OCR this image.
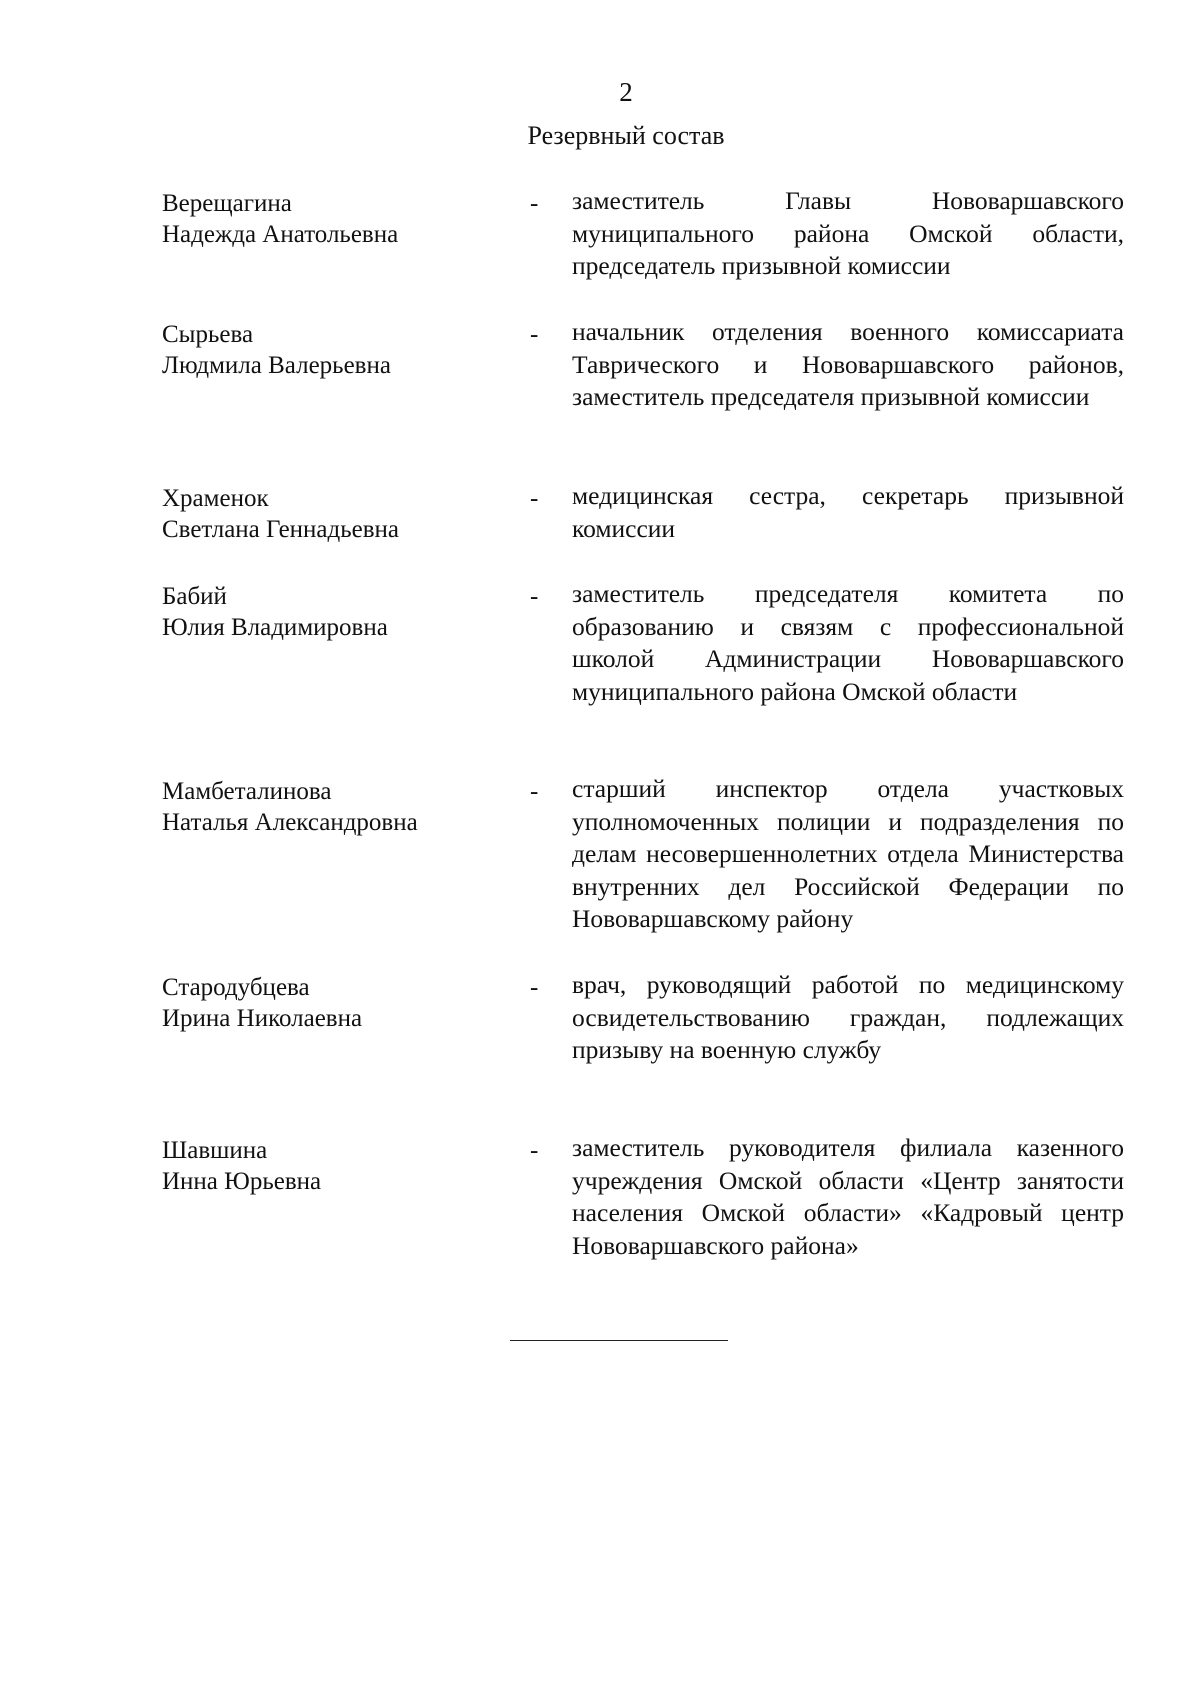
2
Резервный состав
Верещагина
Надежда Анатольевна
- заместитель Главы Нововаршавского муниципального района Омской области, председатель призывной комиссии
Сырьева
Людмила Валерьевна
- начальник отделения военного комиссариата Таврического и Нововаршавского районов, заместитель председателя призывной комиссии
Храменок
Светлана Геннадьевна
- медицинская сестра, секретарь призывной комиссии
Бабий
Юлия Владимировна
- заместитель председателя комитета по образованию и связям с профессиональной школой Администрации Нововаршавского муниципального района Омской области
Мамбеталинова
Наталья Александровна
- старший инспектор отдела участковых уполномоченных полиции и подразделения по делам несовершеннолетних отдела Министерства внутренних дел Российской Федерации по Нововаршавскому району
Стародубцева
Ирина Николаевна
- врач, руководящий работой по медицинскому освидетельствованию граждан, подлежащих призыву на военную службу
Шавшина
Инна Юрьевна
- заместитель руководителя филиала казенного учреждения Омской области «Центр занятости населения Омской области» «Кадровый центр Нововаршавского района»
